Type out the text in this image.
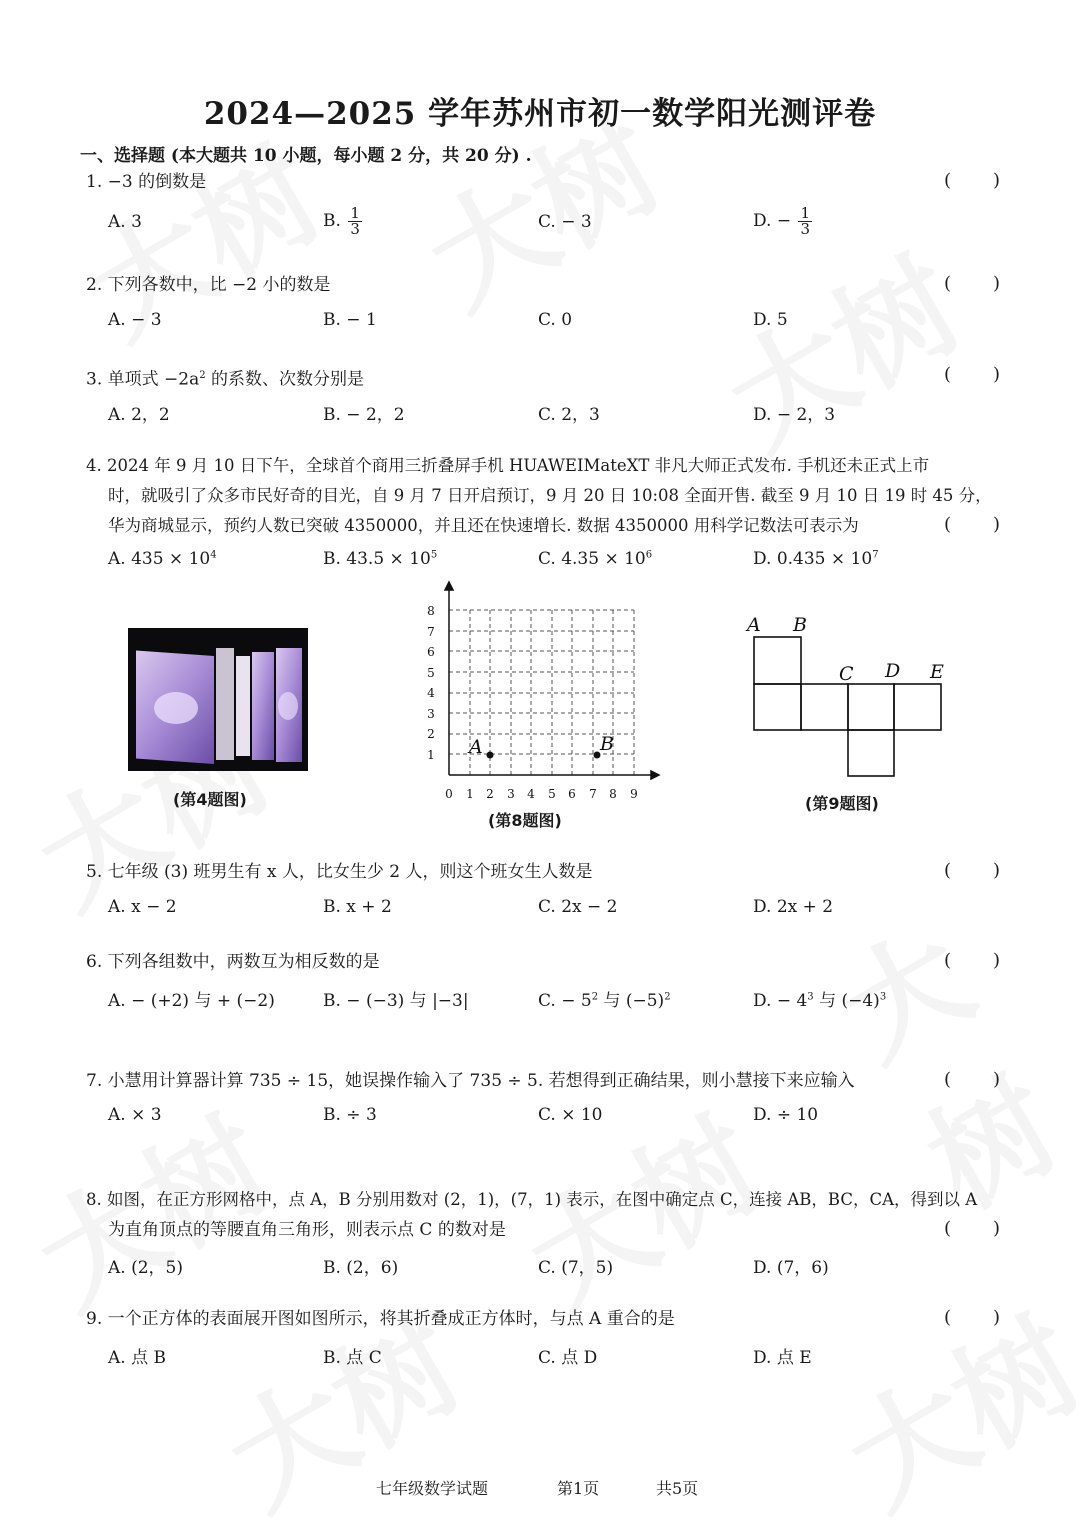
2024—2025 学年苏州市初一数学阳光测评卷
一、选择题 (本大题共 10 小题，每小题 2 分，共 20 分) .
1. −3 的倒数是	( )
A. 3	B. $\frac{1}{3}$	C. − 3	D. − $\frac{1}{3}$
2. 下列各数中，比 −2 小的数是	( )
A. − 3	B. − 1	C. 0	D. 5
3. 单项式 $-2a^2$ 的系数、次数分别是	( )
A. 2，2	B. − 2，2	C. 2，3	D. − 2，3
4. 2024 年 9 月 10 日下午，全球首个商用三折叠屏手机 HUAWEIMateXT 非凡大师正式发布. 手机还未正式上市
时，就吸引了众多市民好奇的目光，自 9 月 7 日开启预订，9 月 20 日 10:08 全面开售. 截至 9 月 10 日 19 时 45 分，
华为商城显示，预约人数已突破 4350000，并且还在快速增长. 数据 4350000 用科学记数法可表示为	( )
A. $435 \times 10^4$	B. $43.5 \times 10^5$	C. $4.35 \times 10^6$	D. $0.435 \times 10^7$
(第4题图)
1
2
3
4
5
6
7
8
0 1 2 3 4 5 6 7 8 9
A	B
(第8题图)
A B
C D E
(第9题图)
5. 七年级 (3) 班男生有 x 人，比女生少 2 人，则这个班女生人数是	( )
A. x − 2	B. x + 2	C. 2x − 2	D. 2x + 2
6. 下列各组数中，两数互为相反数的是	( )
A. − (+2) 与 + (−2)	B. − (−3) 与 |−3|	C. − $5^2$ 与 $(-5)^2$	D. − $4^3$ 与 $(-4)^3$
7. 小慧用计算器计算 735 ÷ 15，她误操作输入了 735 ÷ 5. 若想得到正确结果，则小慧接下来应输入	( )
A. × 3	B. ÷ 3	C. × 10	D. ÷ 10
8. 如图，在正方形网格中，点 A，B 分别用数对 (2，1)，(7，1) 表示，在图中确定点 C，连接 AB，BC，CA，得到以 A
为直角顶点的等腰直角三角形，则表示点 C 的数对是	( )
A. (2，5)	B. (2，6)	C. (7，5)	D. (7，6)
9. 一个正方体的表面展开图如图所示，将其折叠成正方体时，与点 A 重合的是	( )
A. 点 B	B. 点 C	C. 点 D	D. 点 E
七年级数学试题	第1页	共5页
